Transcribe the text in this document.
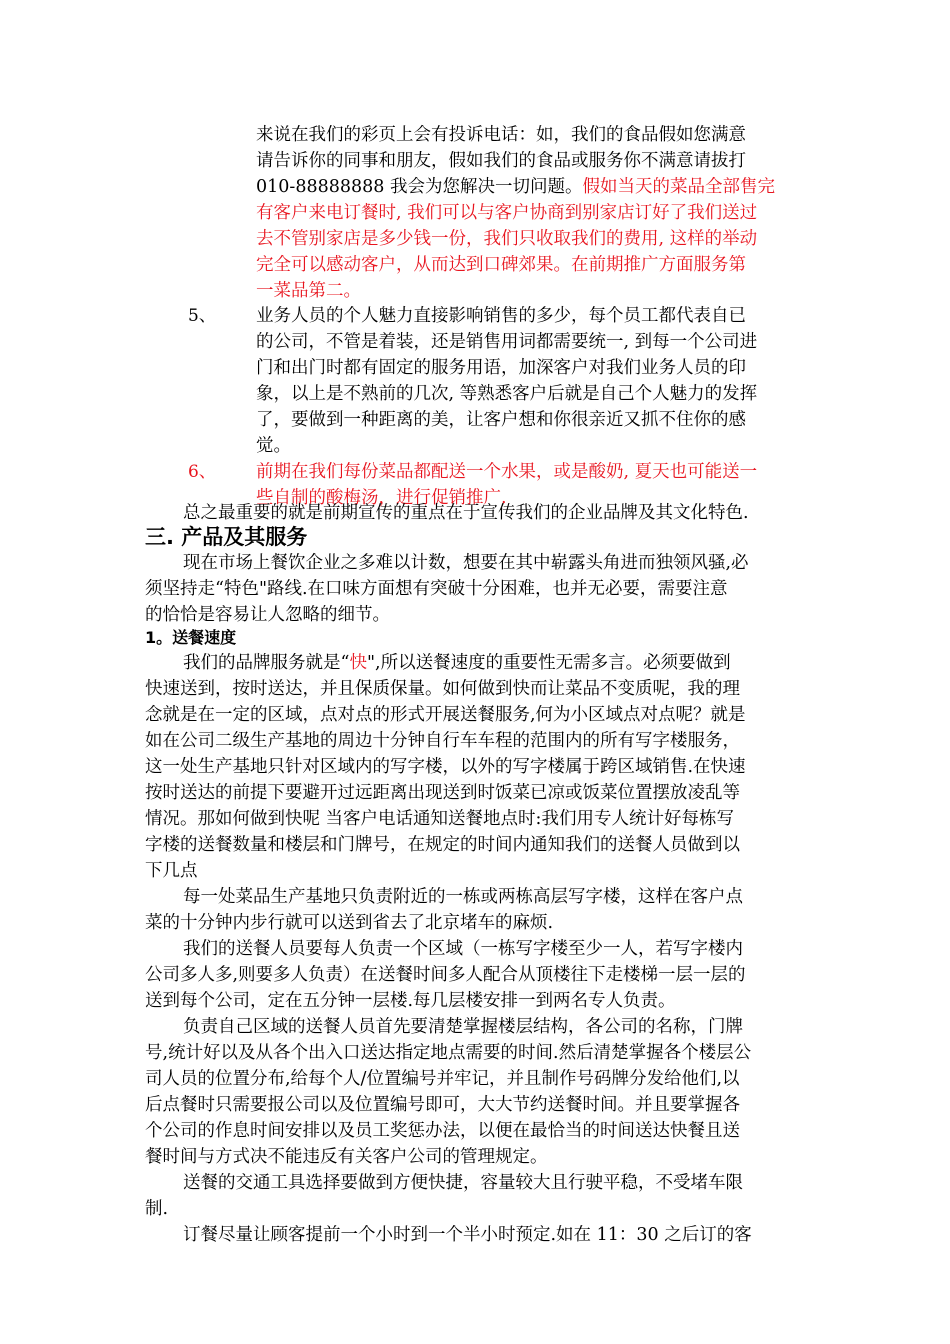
来说在我们的彩页上会有投诉电话：如，我们的食品假如您满意
请告诉你的同事和朋友，假如我们的食品或服务你不满意请拔打
010-88888888 我会为您解决一切问题。假如当天的菜品全部售完
有客户来电订餐时, 我们可以与客户协商到别家店订好了我们送过
去不管别家店是多少钱一份，我们只收取我们的费用, 这样的举动
完全可以感动客户，从而达到口碑郊果。在前期推广方面服务第
一菜品第二。
5、 业务人员的个人魅力直接影响销售的多少，每个员工都代表自已
的公司，不管是着装，还是销售用词都需要统一, 到每一个公司进
门和出门时都有固定的服务用语，加深客户对我们业务人员的印
象，以上是不熟前的几次, 等熟悉客户后就是自己个人魅力的发挥
了，要做到一种距离的美，让客户想和你很亲近又抓不住你的感
觉。
6、 前期在我们每份菜品都配送一个水果，或是酸奶, 夏天也可能送一
些自制的酸梅汤，进行促销推广.
总之最重要的就是前期宣传的重点在于宣传我们的企业品牌及其文化特色.
三. 产品及其服务
现在市场上餐饮企业之多难以计数，想要在其中崭露头角进而独领风骚,必
须坚持走“特色"路线.在口味方面想有突破十分困难，也并无必要，需要注意
的恰恰是容易让人忽略的细节。
1。送餐速度
我们的品牌服务就是“快",所以送餐速度的重要性无需多言。必须要做到
快速送到，按时送达，并且保质保量。如何做到快而让菜品不变质呢，我的理
念就是在一定的区域，点对点的形式开展送餐服务,何为小区域点对点呢？就是
如在公司二级生产基地的周边十分钟自行车车程的范围内的所有写字楼服务，
这一处生产基地只针对区域内的写字楼，以外的写字楼属于跨区域销售.在快速
按时送达的前提下要避开过远距离出现送到时饭菜已凉或饭菜位置摆放凌乱等
情况。那如何做到快呢 当客户电话通知送餐地点时:我们用专人统计好每栋写
字楼的送餐数量和楼层和门牌号，在规定的时间内通知我们的送餐人员做到以
下几点
每一处菜品生产基地只负责附近的一栋或两栋高层写字楼，这样在客户点
菜的十分钟内步行就可以送到省去了北京堵车的麻烦.
我们的送餐人员要每人负责一个区域（一栋写字楼至少一人，若写字楼内
公司多人多,则要多人负责）在送餐时间多人配合从顶楼往下走楼梯一层一层的
送到每个公司，定在五分钟一层楼.每几层楼安排一到两名专人负责。
负责自己区域的送餐人员首先要清楚掌握楼层结构，各公司的名称，门牌
号,统计好以及从各个出入口送达指定地点需要的时间.然后清楚掌握各个楼层公
司人员的位置分布,给每个人/位置编号并牢记，并且制作号码牌分发给他们,以
后点餐时只需要报公司以及位置编号即可，大大节约送餐时间。并且要掌握各
个公司的作息时间安排以及员工奖惩办法，以便在最恰当的时间送达快餐且送
餐时间与方式决不能违反有关客户公司的管理规定。
送餐的交通工具选择要做到方便快捷，容量较大且行驶平稳，不受堵车限
制.
订餐尽量让顾客提前一个小时到一个半小时预定.如在 11：30 之后订的客
